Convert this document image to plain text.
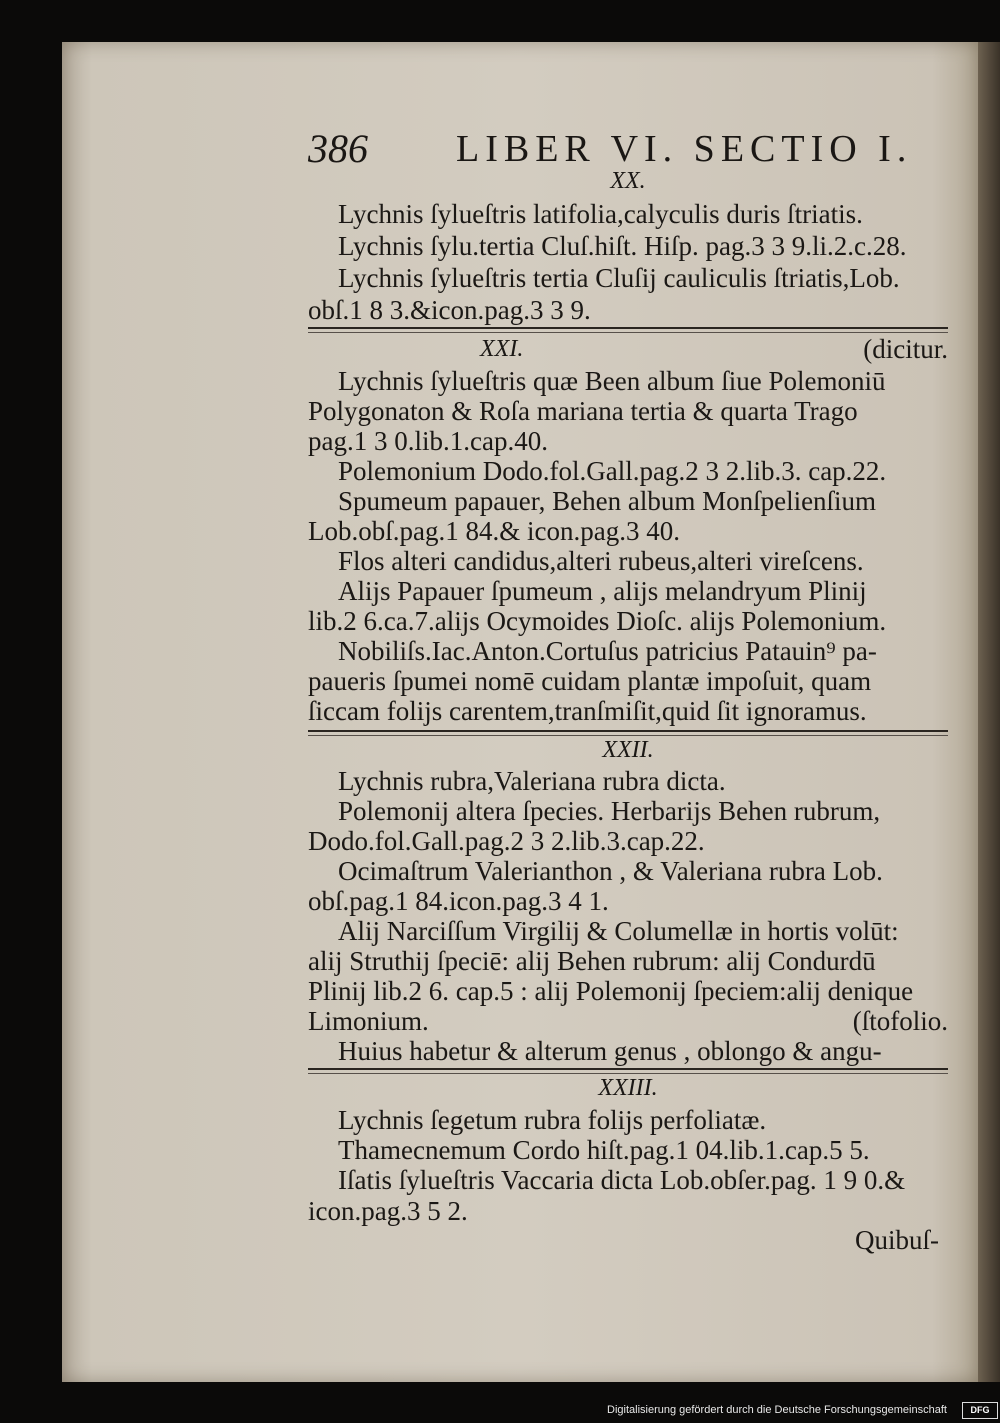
386 LIBER VI. SECTIO I.
XX.
Lychnis ſylueſtris latifolia,calyculis duris ſtriatis.
Lychnis ſylu.tertia Cluſ.hiſt. Hiſp. pag.3 3 9.li.2.c.28.
Lychnis ſylueſtris tertia Cluſij cauliculis ſtriatis,Lob.
obſ.1 8 3.&icon.pag.3 3 9.
XXI.	(dicitur.
Lychnis ſylueſtris quæ Been album ſiue Polemoniū
Polygonaton & Roſa mariana tertia & quarta Trago
pag.1 3 0.lib.1.cap.40.
Polemonium Dodo.fol.Gall.pag.2 3 2.lib.3. cap.22.
Spumeum papauer, Behen album Monſpelienſium
Lob.obſ.pag.1 84.& icon.pag.3 40.
Flos alteri candidus,alteri rubeus,alteri vireſcens.
Alijs Papauer ſpumeum , alijs melandryum Plinij
lib.2 6.ca.7.alijs Ocymoides Dioſc. alijs Polemonium.
Nobiliſs.Iac.Anton.Cortuſus patricius Patauin⁹ pa-
paueris ſpumei nomē cuidam plantæ impoſuit, quam
ſiccam folijs carentem,tranſmiſit,quid ſit ignoramus.
XXII.
Lychnis rubra,Valeriana rubra dicta.
Polemonij altera ſpecies. Herbarijs Behen rubrum,
Dodo.fol.Gall.pag.2 3 2.lib.3.cap.22.
Ocimaſtrum Valerianthon , & Valeriana rubra Lob.
obſ.pag.1 84.icon.pag.3 4 1.
Alij Narciſſum Virgilij & Columellæ in hortis volūt:
alij Struthij ſpeciē: alij Behen rubrum: alij Condurdū
Plinij lib.2 6. cap.5 : alij Polemonij ſpeciem:alij denique
Limonium.	(ſtofolio.
Huius habetur & alterum genus , oblongo & angu-
XXIII.
Lychnis ſegetum rubra folijs perfoliatæ.
Thamecnemum Cordo hiſt.pag.1 04.lib.1.cap.5 5.
Iſatis ſylueſtris Vaccaria dicta Lob.obſer.pag. 1 9 0.&
icon.pag.3 5 2.
Quibuſ-
Digitalisierung gefördert durch die Deutsche Forschungsgemeinschaft	DFG
